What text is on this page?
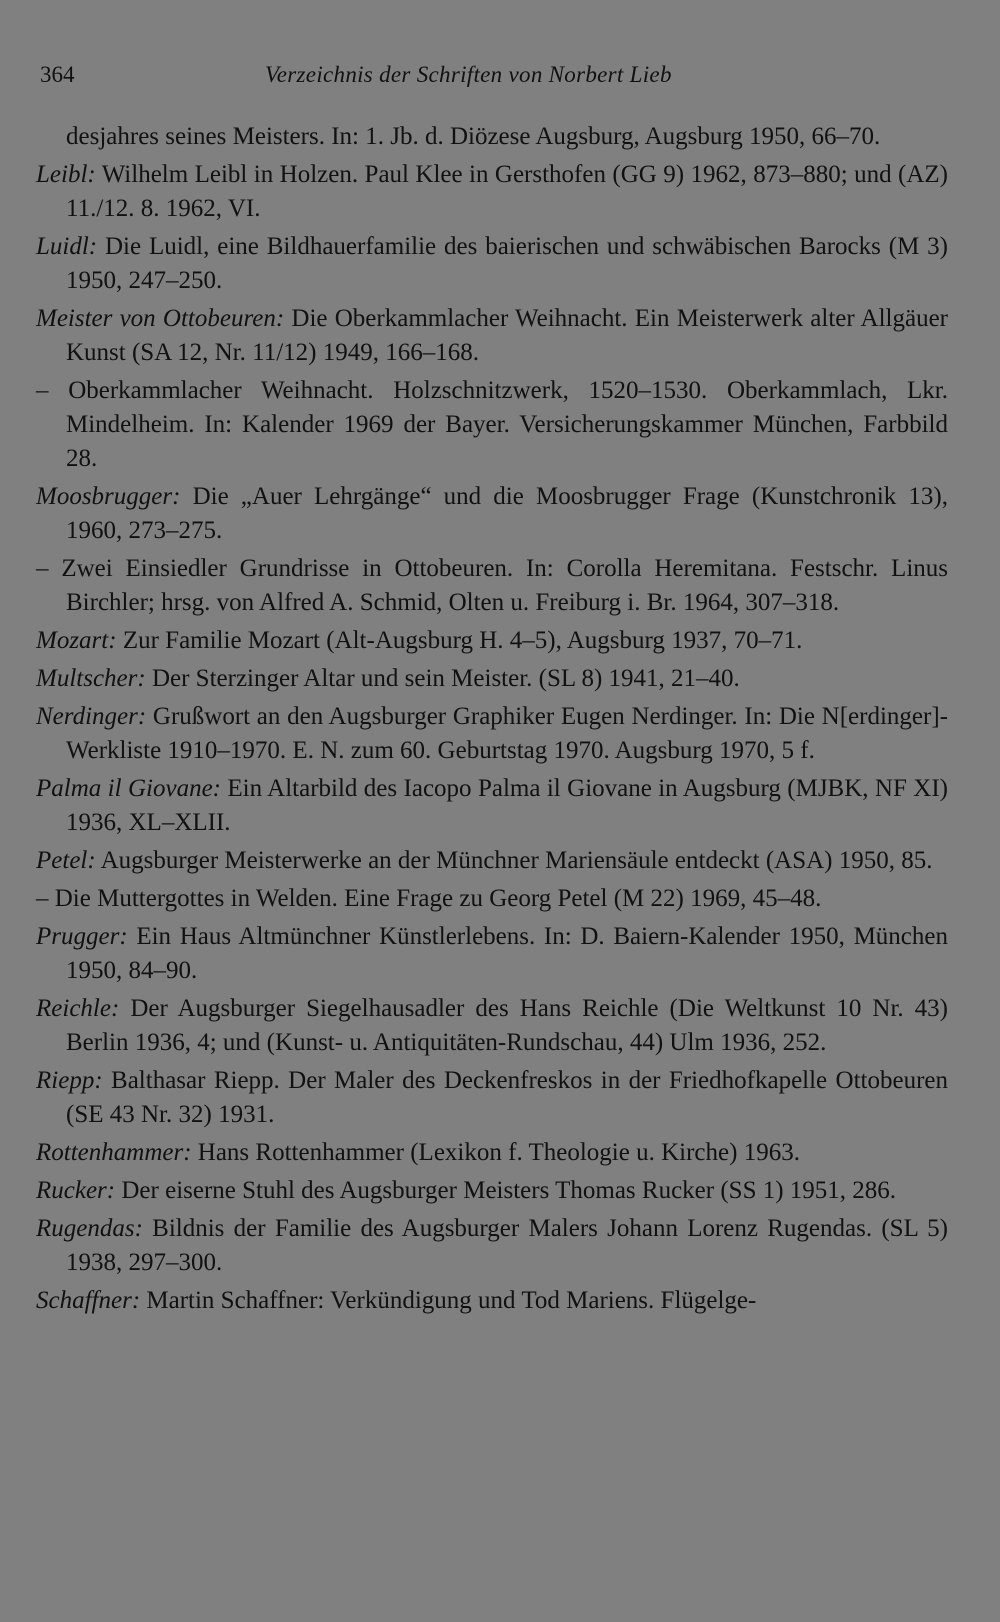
364	Verzeichnis der Schriften von Norbert Lieb

desjahres seines Meisters. In: 1. Jb. d. Diözese Augsburg, Augsburg 1950, 66–70.

Leibl: Wilhelm Leibl in Holzen. Paul Klee in Gersthofen (GG 9) 1962, 873–880; und (AZ) 11./12. 8. 1962, VI.

Luidl: Die Luidl, eine Bildhauerfamilie des baierischen und schwäbischen Barocks (M 3) 1950, 247–250.

Meister von Ottobeuren: Die Oberkammlacher Weihnacht. Ein Meisterwerk alter Allgäuer Kunst (SA 12, Nr. 11/12) 1949, 166–168.

– Oberkammlacher Weihnacht. Holzschnitzwerk, 1520–1530. Oberkammlach, Lkr. Mindelheim. In: Kalender 1969 der Bayer. Versicherungskammer München, Farbbild 28.

Moosbrugger: Die „Auer Lehrgänge“ und die Moosbrugger Frage (Kunstchronik 13), 1960, 273–275.

– Zwei Einsiedler Grundrisse in Ottobeuren. In: Corolla Heremitana. Festschr. Linus Birchler; hrsg. von Alfred A. Schmid, Olten u. Freiburg i. Br. 1964, 307–318.

Mozart: Zur Familie Mozart (Alt-Augsburg H. 4–5), Augsburg 1937, 70–71.

Multscher: Der Sterzinger Altar und sein Meister. (SL 8) 1941, 21–40.

Nerdinger: Grußwort an den Augsburger Graphiker Eugen Nerdinger. In: Die N[erdinger]-Werkliste 1910–1970. E. N. zum 60. Geburtstag 1970. Augsburg 1970, 5 f.

Palma il Giovane: Ein Altarbild des Iacopo Palma il Giovane in Augsburg (MJBK, NF XI) 1936, XL–XLII.

Petel: Augsburger Meisterwerke an der Münchner Mariensäule entdeckt (ASA) 1950, 85.

– Die Muttergottes in Welden. Eine Frage zu Georg Petel (M 22) 1969, 45–48.

Prugger: Ein Haus Altmünchner Künstlerlebens. In: D. Baiern-Kalender 1950, München 1950, 84–90.

Reichle: Der Augsburger Siegelhausadler des Hans Reichle (Die Weltkunst 10 Nr. 43) Berlin 1936, 4; und (Kunst- u. Antiquitäten-Rundschau, 44) Ulm 1936, 252.

Riepp: Balthasar Riepp. Der Maler des Deckenfreskos in der Friedhofkapelle Ottobeuren (SE 43 Nr. 32) 1931.

Rottenhammer: Hans Rottenhammer (Lexikon f. Theologie u. Kirche) 1963.

Rucker: Der eiserne Stuhl des Augsburger Meisters Thomas Rucker (SS 1) 1951, 286.

Rugendas: Bildnis der Familie des Augsburger Malers Johann Lorenz Rugendas. (SL 5) 1938, 297–300.

Schaffner: Martin Schaffner: Verkündigung und Tod Mariens. Flügelge-
